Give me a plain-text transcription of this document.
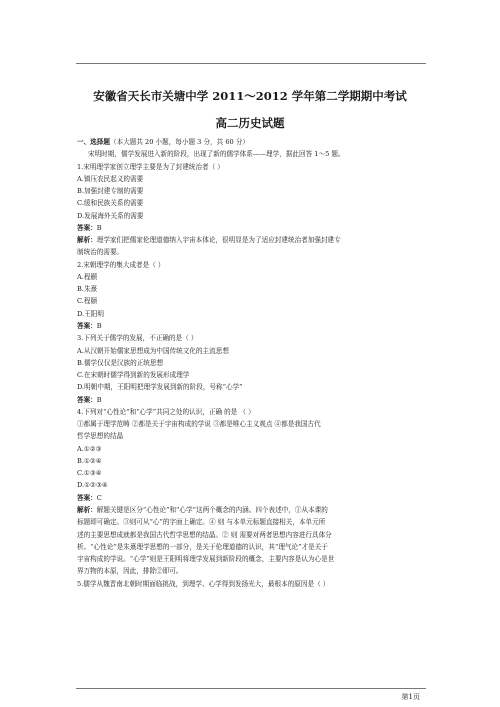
安徽省天长市关塘中学 2011～2012 学年第二学期期中考试
高二历史试题
一、选择题（本大题共 20 小题，每小题 3 分，共 60 分）
宋明时期，儒学发展进入新的阶段，出现了新的儒学体系——理学，据此回答 1～5 题。
1.宋明理学家创立理学主要是为了封建统治者（ ）
A.镇压农民起义的需要
B.加强封建专制的需要
C.缓和民族关系的需要
D.发展海外关系的需要
答案：B
解析：理学家们把儒家伦理道德纳入宇宙本体论，很明显是为了适应封建统治者加强封建专
制统治的需要。
2.宋朝理学的集大成者是（ ）
A.程颢
B.朱熹
C.程颐
D.王阳明
答案：B
3.下列关于儒学的发展，不正确的是（ ）
A.从汉朝开始儒家思想成为中国传统文化的主流思想
B.儒学仅仅是汉族的正统思想
C.在宋朝时儒学得到新的发展形成理学
D.明朝中期，王阳明把理学发展到新的阶段，号称“心学”
答案：B
4.下列对“心性论”和“心学”共同之处的认识，正确 的是 （ ）
①都属于理学范畴 ②都是关于宇宙构成的学说 ③都是唯心主义观点 ④都是我国古代
哲学思想的结晶
A.①②③
B.①②④
C.①③④
D.①②③④
答案：C
解析：解题关键是区分“心性论”和“心学”这两个概念的内涵。四个表述中，①从本课的
标题即可确定。③则可从“心”的字面上确定。④ 则 与本单元标题直接相关，本单元所
述的主要思想成就都是我国古代哲学思想的结晶。② 则 需要对两者思想内容进行具体分
析。“心性论”是朱熹理学思想的一部分，是关于伦理道德的认识，其“理气论”才是关于
宇宙构成的学说。“心学”则是王阳明将理学发展到新阶段的概念，主要内容是认为心是世
界万物的本原，因此，排除②即可。
5.儒学从魏晋南北朝时期面临挑战，到理学、心学得到发扬光大，最根本的原因是（ ）
第1页
